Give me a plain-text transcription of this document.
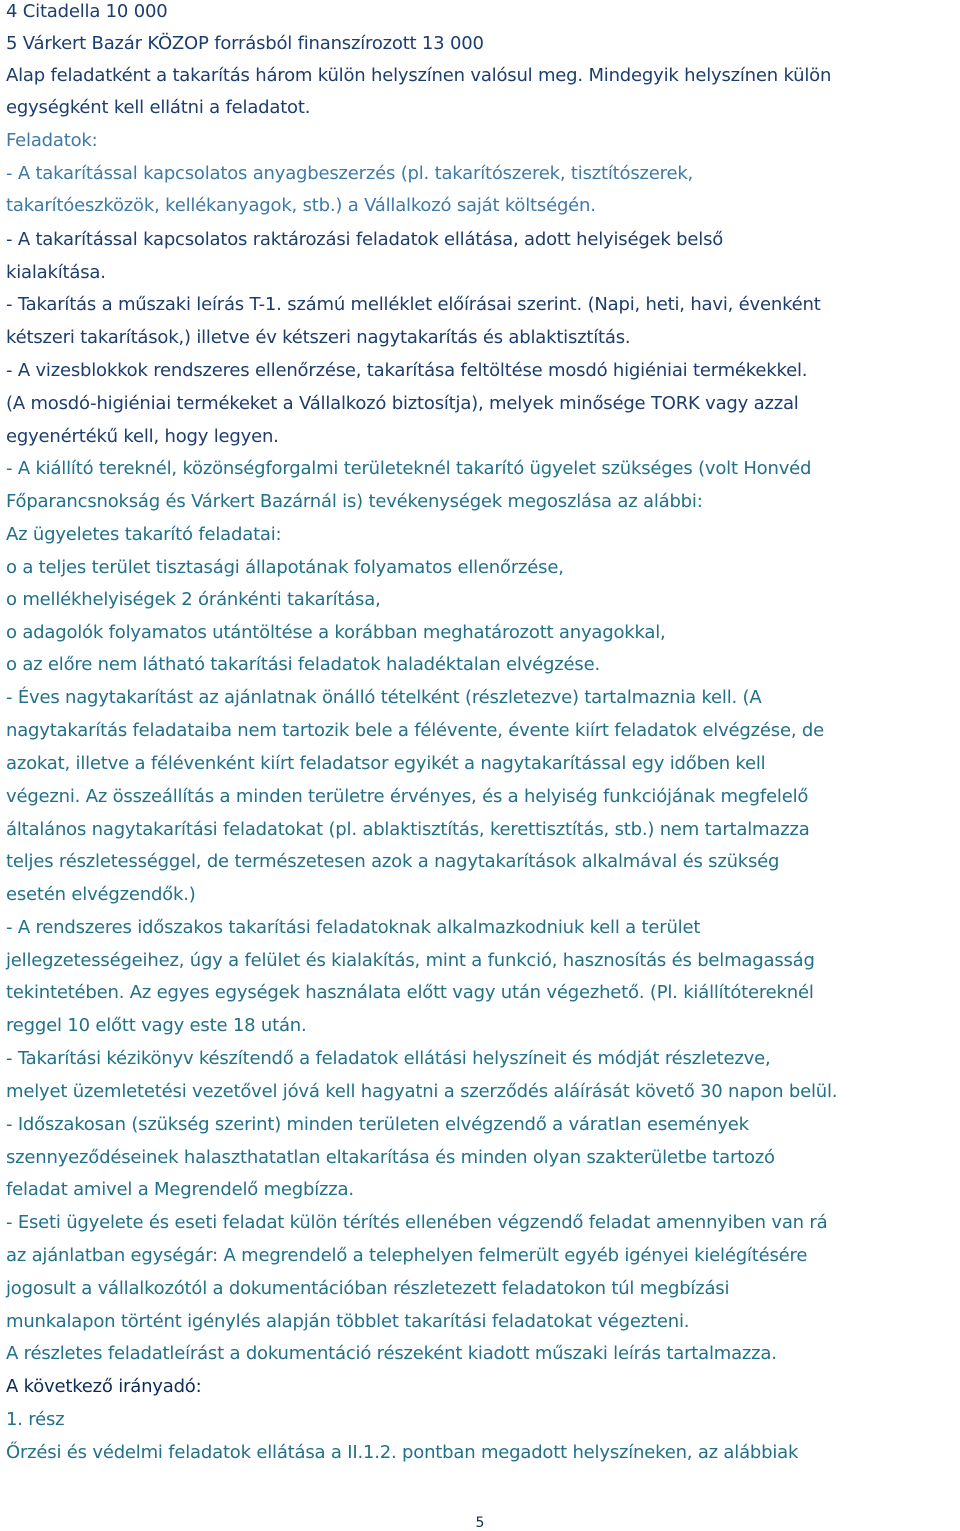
4 Citadella 10 000
5 Várkert Bazár KÖZOP forrásból finanszírozott 13 000
Alap feladatként a takarítás három külön helyszínen valósul meg. Mindegyik helyszínen külön
egységként kell ellátni a feladatot.
Feladatok:
- A takarítással kapcsolatos anyagbeszerzés (pl. takarítószerek, tisztítószerek,
takarítóeszközök, kellékanyagok, stb.) a Vállalkozó saját költségén.
- A takarítással kapcsolatos raktározási feladatok ellátása, adott helyiségek belső
kialakítása.
- Takarítás a műszaki leírás T-1. számú melléklet előírásai szerint. (Napi, heti, havi, évenként
kétszeri takarítások,) illetve év kétszeri nagytakarítás és ablaktisztítás.
- A vizesblokkok rendszeres ellenőrzése, takarítása feltöltése mosdó higiéniai termékekkel.
(A mosdó-higiéniai termékeket a Vállalkozó biztosítja), melyek minősége TORK vagy azzal
egyenértékű kell, hogy legyen.
- A kiállító tereknél, közönségforgalmi területeknél takarító ügyelet szükséges (volt Honvéd
Főparancsnokság és Várkert Bazárnál is) tevékenységek megoszlása az alábbi:
Az ügyeletes takarító feladatai:
o a teljes terület tisztasági állapotának folyamatos ellenőrzése,
o mellékhelyiségek 2 óránkénti takarítása,
o adagolók folyamatos utántöltése a korábban meghatározott anyagokkal,
o az előre nem látható takarítási feladatok haladéktalan elvégzése.
- Éves nagytakarítást az ajánlatnak önálló tételként (részletezve) tartalmaznia kell. (A
nagytakarítás feladataiba nem tartozik bele a félévente, évente kiírt feladatok elvégzése, de
azokat, illetve a félévenként kiírt feladatsor egyikét a nagytakarítással egy időben kell
végezni. Az összeállítás a minden területre érvényes, és a helyiség funkciójának megfelelő
általános nagytakarítási feladatokat (pl. ablaktisztítás, kerettisztítás, stb.) nem tartalmazza
teljes részletességgel, de természetesen azok a nagytakarítások alkalmával és szükség
esetén elvégzendők.)
- A rendszeres időszakos takarítási feladatoknak alkalmazkodniuk kell a terület
jellegzetességeihez, úgy a felület és kialakítás, mint a funkció, hasznosítás és belmagasság
tekintetében. Az egyes egységek használata előtt vagy után végezhető. (Pl. kiállítótereknél
reggel 10 előtt vagy este 18 után.
- Takarítási kézikönyv készítendő a feladatok ellátási helyszíneit és módját részletezve,
melyet üzemletetési vezetővel jóvá kell hagyatni a szerződés aláírását követő 30 napon belül.
- Időszakosan (szükség szerint) minden területen elvégzendő a váratlan események
szennyeződéseinek halaszthatatlan eltakarítása és minden olyan szakterületbe tartozó
feladat amivel a Megrendelő megbízza.
- Eseti ügyelete és eseti feladat külön térítés ellenében végzendő feladat amennyiben van rá
az ajánlatban egységár: A megrendelő a telephelyen felmerült egyéb igényei kielégítésére
jogosult a vállalkozótól a dokumentációban részletezett feladatokon túl megbízási
munkalapon történt igénylés alapján többlet takarítási feladatokat végezteni.
A részletes feladatleírást a dokumentáció részeként kiadott műszaki leírás tartalmazza.
A következő irányadó:
1. rész
Őrzési és védelmi feladatok ellátása a II.1.2. pontban megadott helyszíneken, az alábbiak
5
